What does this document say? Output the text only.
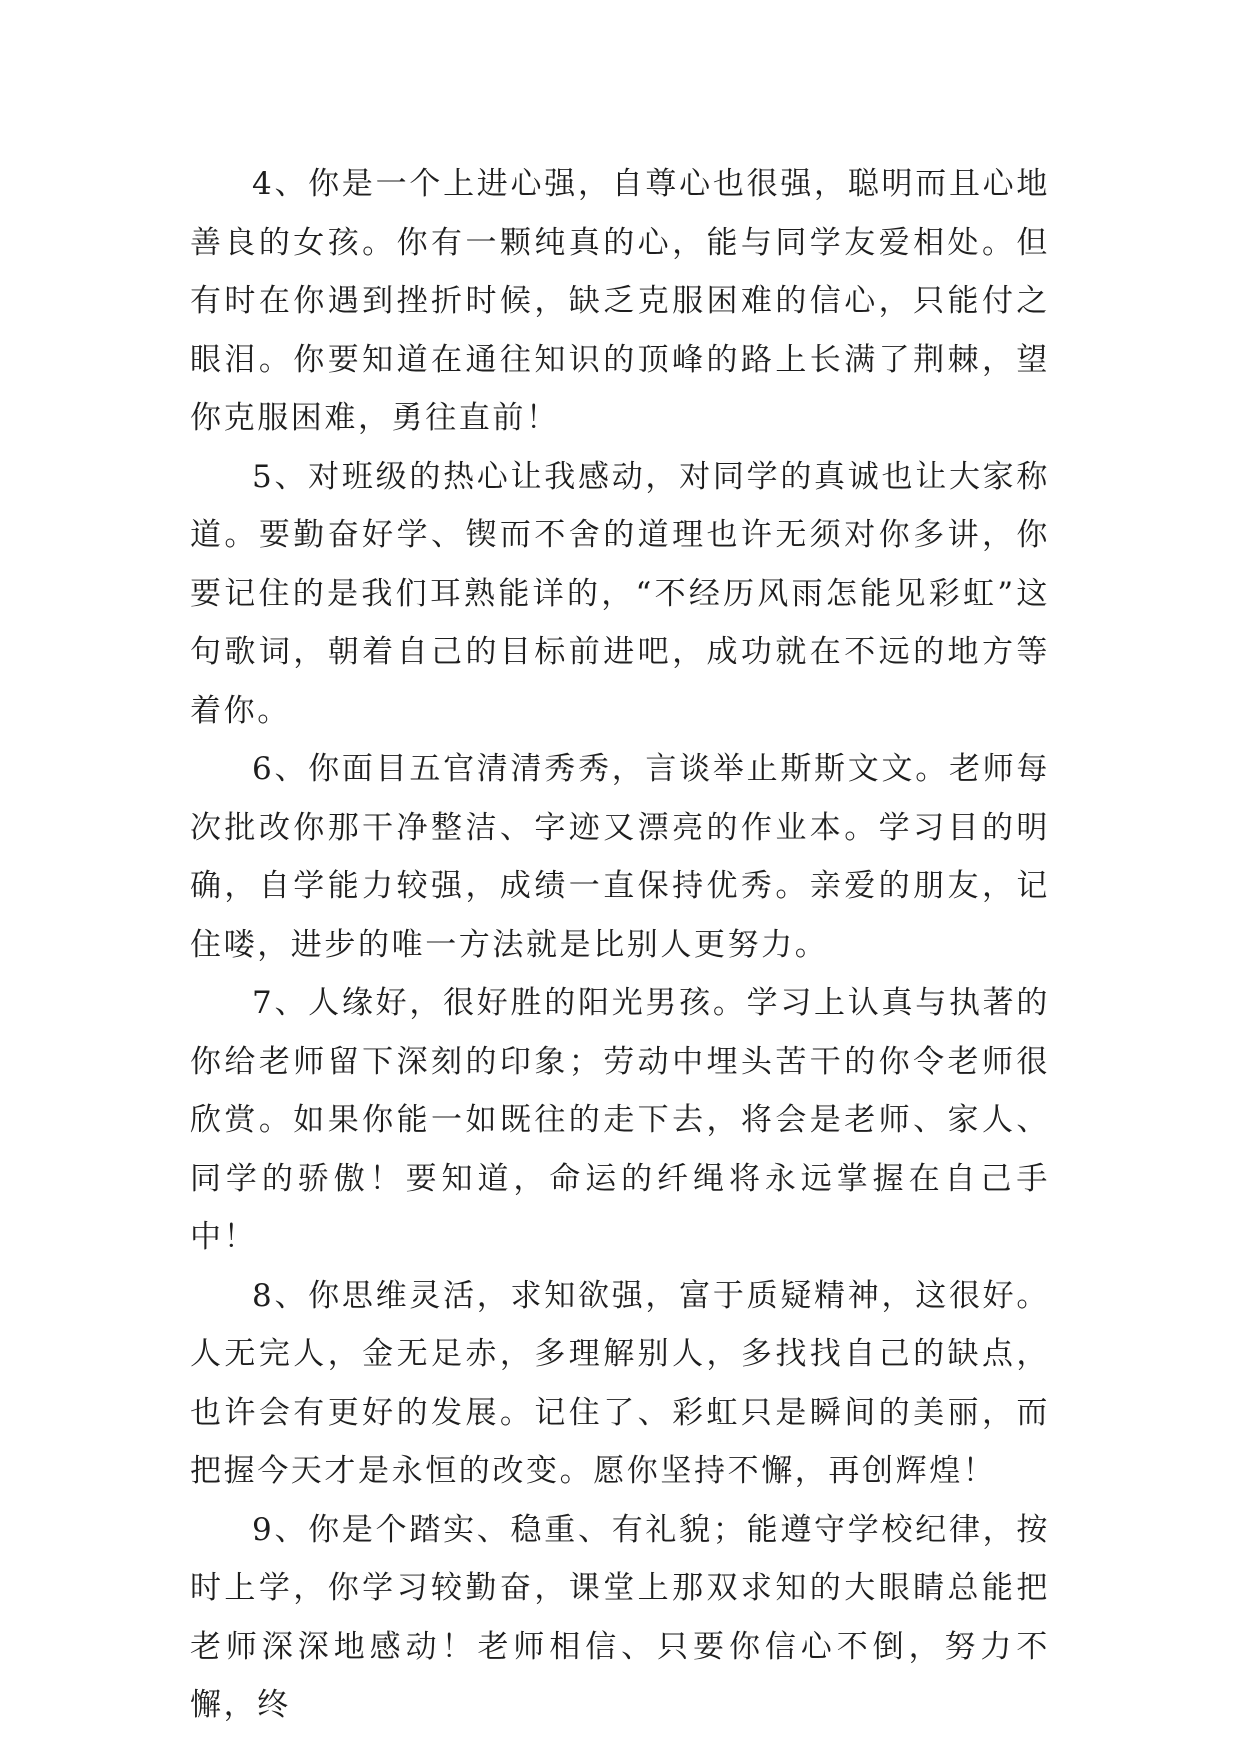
4、你是一个上进心强，自尊心也很强，聪明而且心地善良的女孩。你有一颗纯真的心，能与同学友爱相处。但有时在你遇到挫折时候，缺乏克服困难的信心，只能付之眼泪。你要知道在通往知识的顶峰的路上长满了荆棘，望你克服困难，勇往直前！

5、对班级的热心让我感动，对同学的真诚也让大家称道。要勤奋好学、锲而不舍的道理也许无须对你多讲，你要记住的是我们耳熟能详的，“不经历风雨怎能见彩虹”这句歌词，朝着自己的目标前进吧，成功就在不远的地方等着你。

6、你面目五官清清秀秀，言谈举止斯斯文文。老师每次批改你那干净整洁、字迹又漂亮的作业本。学习目的明确，自学能力较强，成绩一直保持优秀。亲爱的朋友，记住喽，进步的唯一方法就是比别人更努力。

7、人缘好，很好胜的阳光男孩。学习上认真与执著的你给老师留下深刻的印象；劳动中埋头苦干的你令老师很欣赏。如果你能一如既往的走下去，将会是老师、家人、同学的骄傲！要知道，命运的纤绳将永远掌握在自己手中！

8、你思维灵活，求知欲强，富于质疑精神，这很好。人无完人，金无足赤，多理解别人，多找找自己的缺点，也许会有更好的发展。记住了、彩虹只是瞬间的美丽，而把握今天才是永恒的改变。愿你坚持不懈，再创辉煌！

9、你是个踏实、稳重、有礼貌；能遵守学校纪律，按时上学，你学习较勤奋，课堂上那双求知的大眼睛总能把老师深深地感动！老师相信、只要你信心不倒，努力不懈，终
